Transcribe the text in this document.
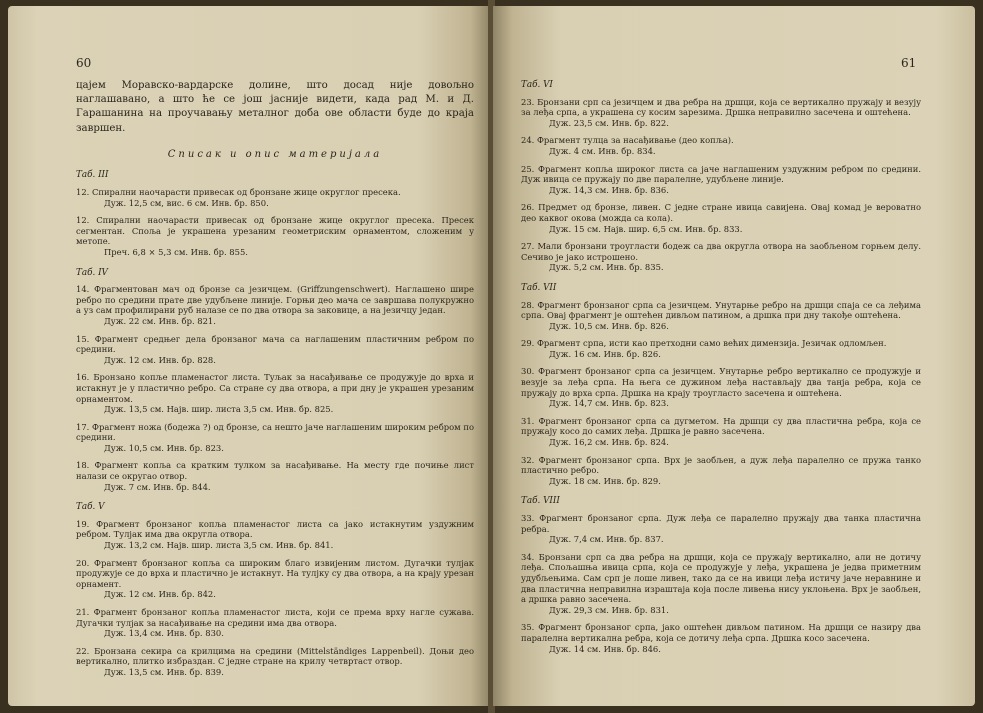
60
цајем Моравско-вардарске долине, што досад није довољно наглашавано, а што ће се још јасније видети, када рад М. и Д. Гарашанина на проучавању металног доба ове области буде до краја завршен.
Списак и опис материјала
Таб. III
12. Спирални наочарасти привесак од бронзане жице округлог пресека.
Дуж. 12,5 см, вис. 6 см. Инв. бр. 850.
12. Спирални наочарасти привесак од бронзане жице округлог пресека. Пресек сегментан. Споља је украшена урезаним геометриским орнаментом, сложеним у метопе.
Преч. 6,8 × 5,3 см. Инв. бр. 855.
Таб. IV
14. Фрагментован мач од бронзе са језичцем. (Griffzungenschwert). Наглашено шире ребро по средини прате две удубљене линије. Горњи део мача се завршава полукружно а уз сам профилирани руб налазе се по два отвора за заковице, а на језичцу један.
Дуж. 22 см. Инв. бр. 821.
15. Фрагмент средњег дела бронзаног мача са наглашеним пластичним ребром по средини.
Дуж. 12 см. Инв. бр. 828.
16. Бронзано копље пламенастог листа. Туљак за насађивање се продужује до врха и истакнут је у пластично ребро. Са стране су два отвора, а при дну је украшен урезаним орнаментом.
Дуж. 13,5 см. Најв. шир. листа 3,5 см. Инв. бр. 825.
17. Фрагмент ножа (бодежа ?) од бронзе, са нешто јаче наглашеним широким ребром по средини.
Дуж. 10,5 см. Инв. бр. 823.
18. Фрагмент копља са кратким тулком за насађивање. На месту где почиње лист налази се округао отвор.
Дуж. 7 см. Инв. бр. 844.
Таб. V
19. Фрагмент бронзаног копља пламенастог листа са јако истакнутим уздужним ребром. Тулјак има два округла отвора.
Дуж. 13,2 см. Најв. шир. листа 3,5 см. Инв. бр. 841.
20. Фрагмент бронзаног копља са широким благо извијеним листом. Дугачки тулјак продужује се до врха и пластично је истакнут. На тулјку су два отвора, а на крају урезан орнамент.
Дуж. 12 см. Инв. бр. 842.
21. Фрагмент бронзаног копља пламенастог листа, који се према врху нагле сужава. Дугачки тулјак за насађивање на средини има два отвора.
Дуж. 13,4 см. Инв. бр. 830.
22. Бронзана секира са крилцима на средини (Mittelständiges Lappenbeil). Доњи део вертикално, плитко избраздан. С једне стране на крилу четвртаст отвор.
Дуж. 13,5 см. Инв. бр. 839.
61
Таб. VI
23. Бронзани срп са језичцем и два ребра на дршци, која се вертикално пружају и везују за леђа српа, а украшена су косим зарезима. Дршка неправилно засечена и оштећена.
Дуж. 23,5 см. Инв. бр. 822.
24. Фрагмент тулца за насађивање (део копља).
Дуж. 4 см. Инв. бр. 834.
25. Фрагмент копља широког листа са јаче наглашеним уздужним ребром по средини. Дуж ивица се пружају по две паралелне, удубљене линије.
Дуж. 14,3 см. Инв. бр. 836.
26. Предмет од бронзе, ливен. С једне стране ивица савијена. Овај комад је вероватно део каквог окова (можда са кола).
Дуж. 15 см. Најв. шир. 6,5 см. Инв. бр. 833.
27. Мали бронзани троугласти бодеж са два округла отвора на заобљеном горњем делу. Сечиво је јако истрошено.
Дуж. 5,2 см. Инв. бр. 835.
Таб. VII
28. Фрагмент бронзаног српа са језичцем. Унутарње ребро на дршци спаја се са леђима српа. Овај фрагмент је оштећен дивљом патином, а дршка при дну такође оштећена.
Дуж. 10,5 см. Инв. бр. 826.
29. Фрагмент српа, исти као претходни само већих димензија. Језичак одломљен.
Дуж. 16 см. Инв. бр. 826.
30. Фрагмент бронзаног српа са језичцем. Унутарње ребро вертикално се продужује и везује за леђа српа. На њега се дужином леђа настављају два танја ребра, која се пружају до врха српа. Дршка на крају троугласто засечена и оштећена.
Дуж. 14,7 см. Инв. бр. 823.
31. Фрагмент бронзаног српа са дугметом. На дршци су два пластична ребра, која се пружају косо до самих леђа. Дршка је равно засечена.
Дуж. 16,2 см. Инв. бр. 824.
32. Фрагмент бронзаног српа. Врх је заобљен, а дуж леђа паралелно се пружа танко пластично ребро.
Дуж. 18 см. Инв. бр. 829.
Таб. VIII
33. Фрагмент бронзаног српа. Дуж леђа се паралелно пружају два танка пластична ребра.
Дуж. 7,4 см. Инв. бр. 837.
34. Бронзани срп са два ребра на дршци, која се пружају вертикално, али не дотичу леђа. Спољашња ивица српа, која се продужује у леђа, украшена је једва приметним удубљењима. Сам срп је лоше ливен, тако да се на ивици леђа истичу јаче неравнине и два пластична неправилна израштаја која после ливења нису уклоњена. Врх је заобљен, а дршка равно засечена.
Дуж. 29,3 см. Инв. бр. 831.
35. Фрагмент бронзаног српа, јако оштећен дивљом патином. На дршци се назиру два паралелна вертикална ребра, која се дотичу леђа српа. Дршка косо засечена.
Дуж. 14 см. Инв. бр. 846.
